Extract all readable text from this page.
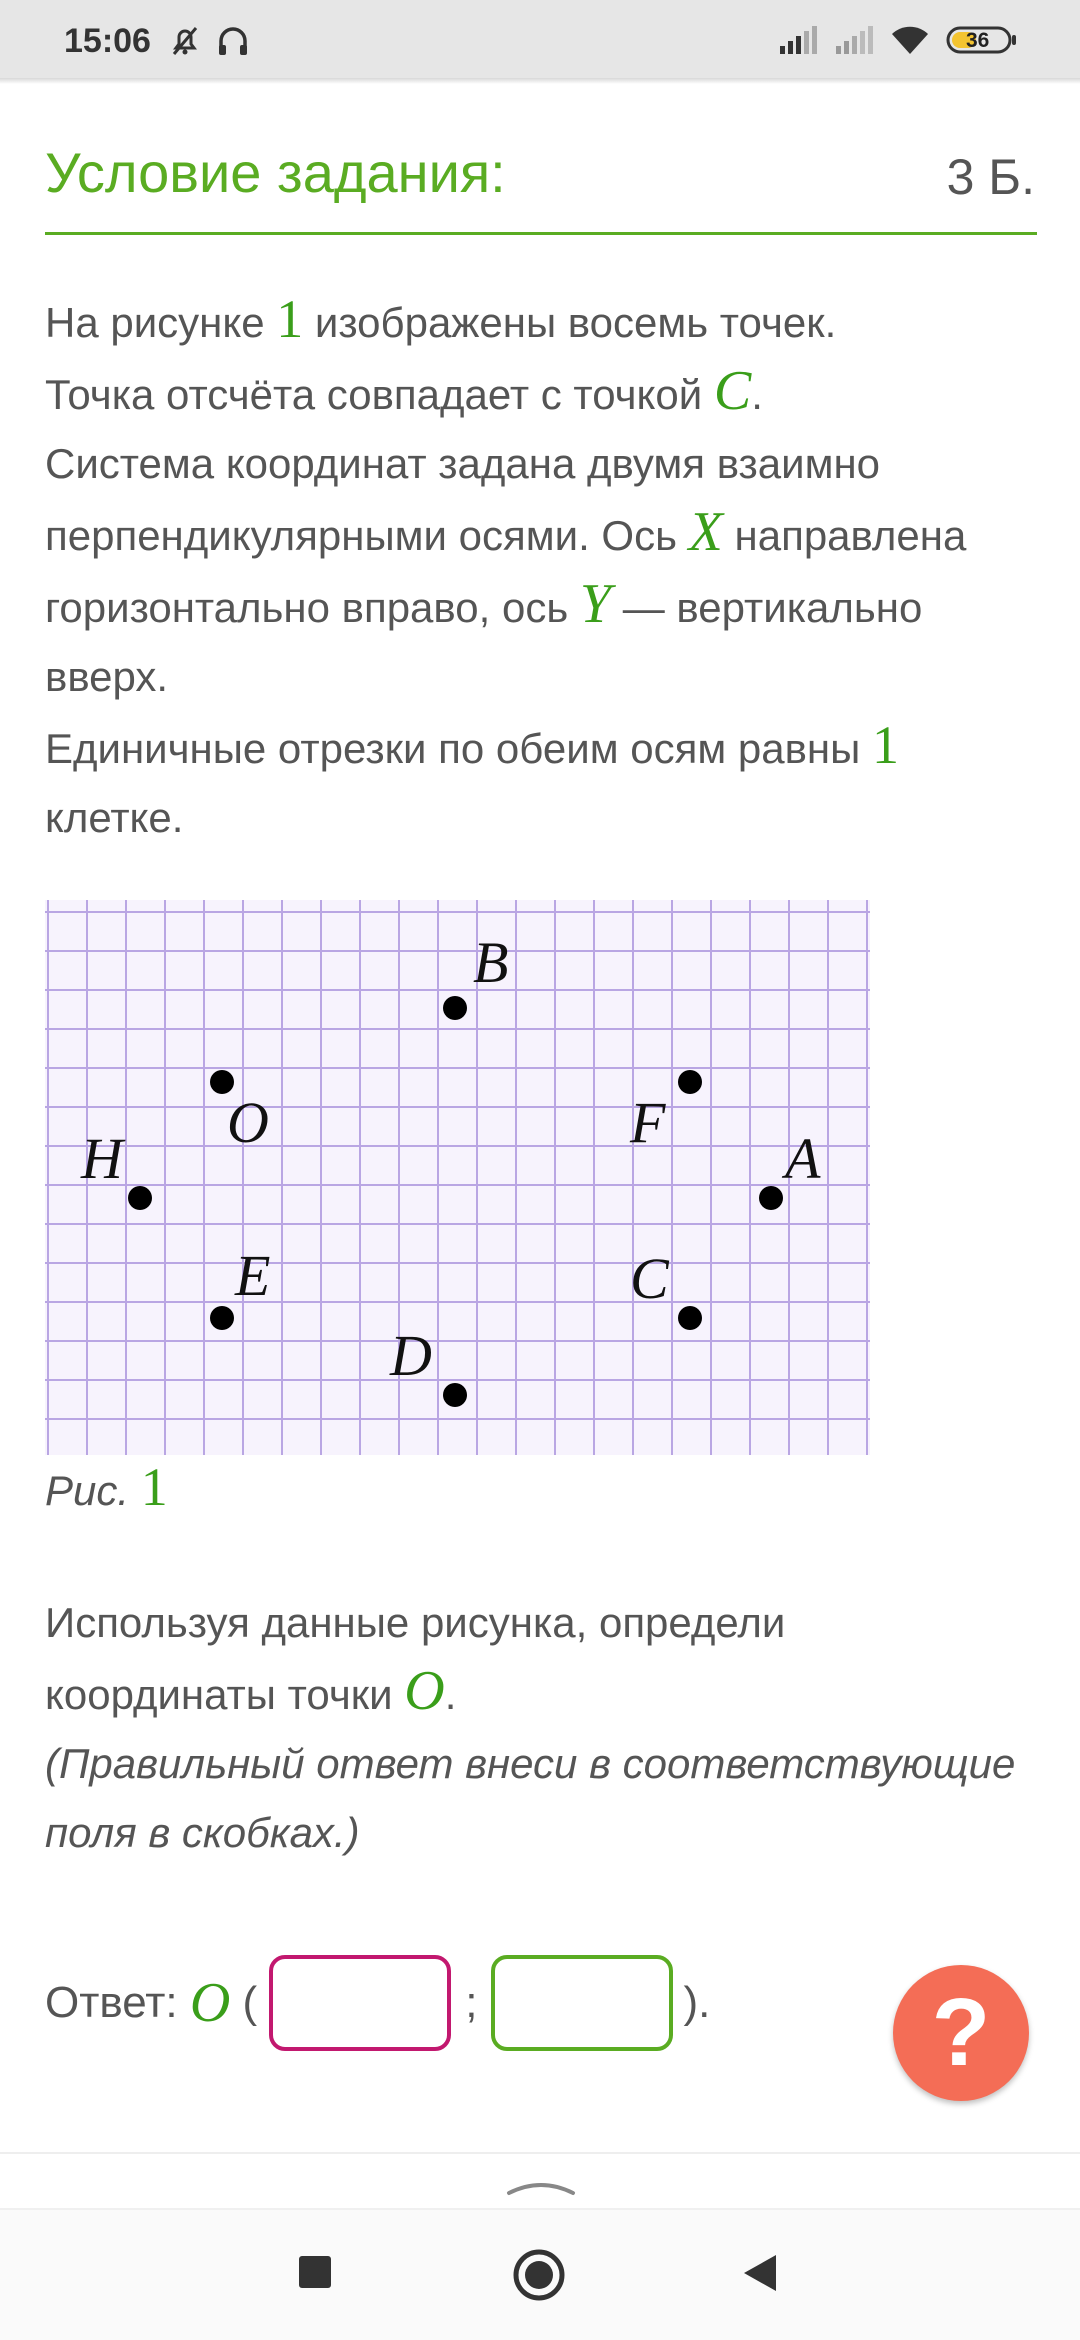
15:06	36
Условие задания:	3 Б.
На рисунке 1 изображены восемь точек.
Точка отсчёта совпадает с точкой C.
Система координат задана двумя взаимно
перпендикулярными осями. Ось X направлена
горизонтально вправо, ось Y — вертикально
вверх.
Единичные отрезки по обеим осям равны 1
клетке.
B
O	F
H	A
E	C
D
Рис. 1
Используя данные рисунка, определи
координаты точки O.
(Правильный ответ внеси в соответствующие
поля в скобках.)
Ответ: O (	;	). ?
